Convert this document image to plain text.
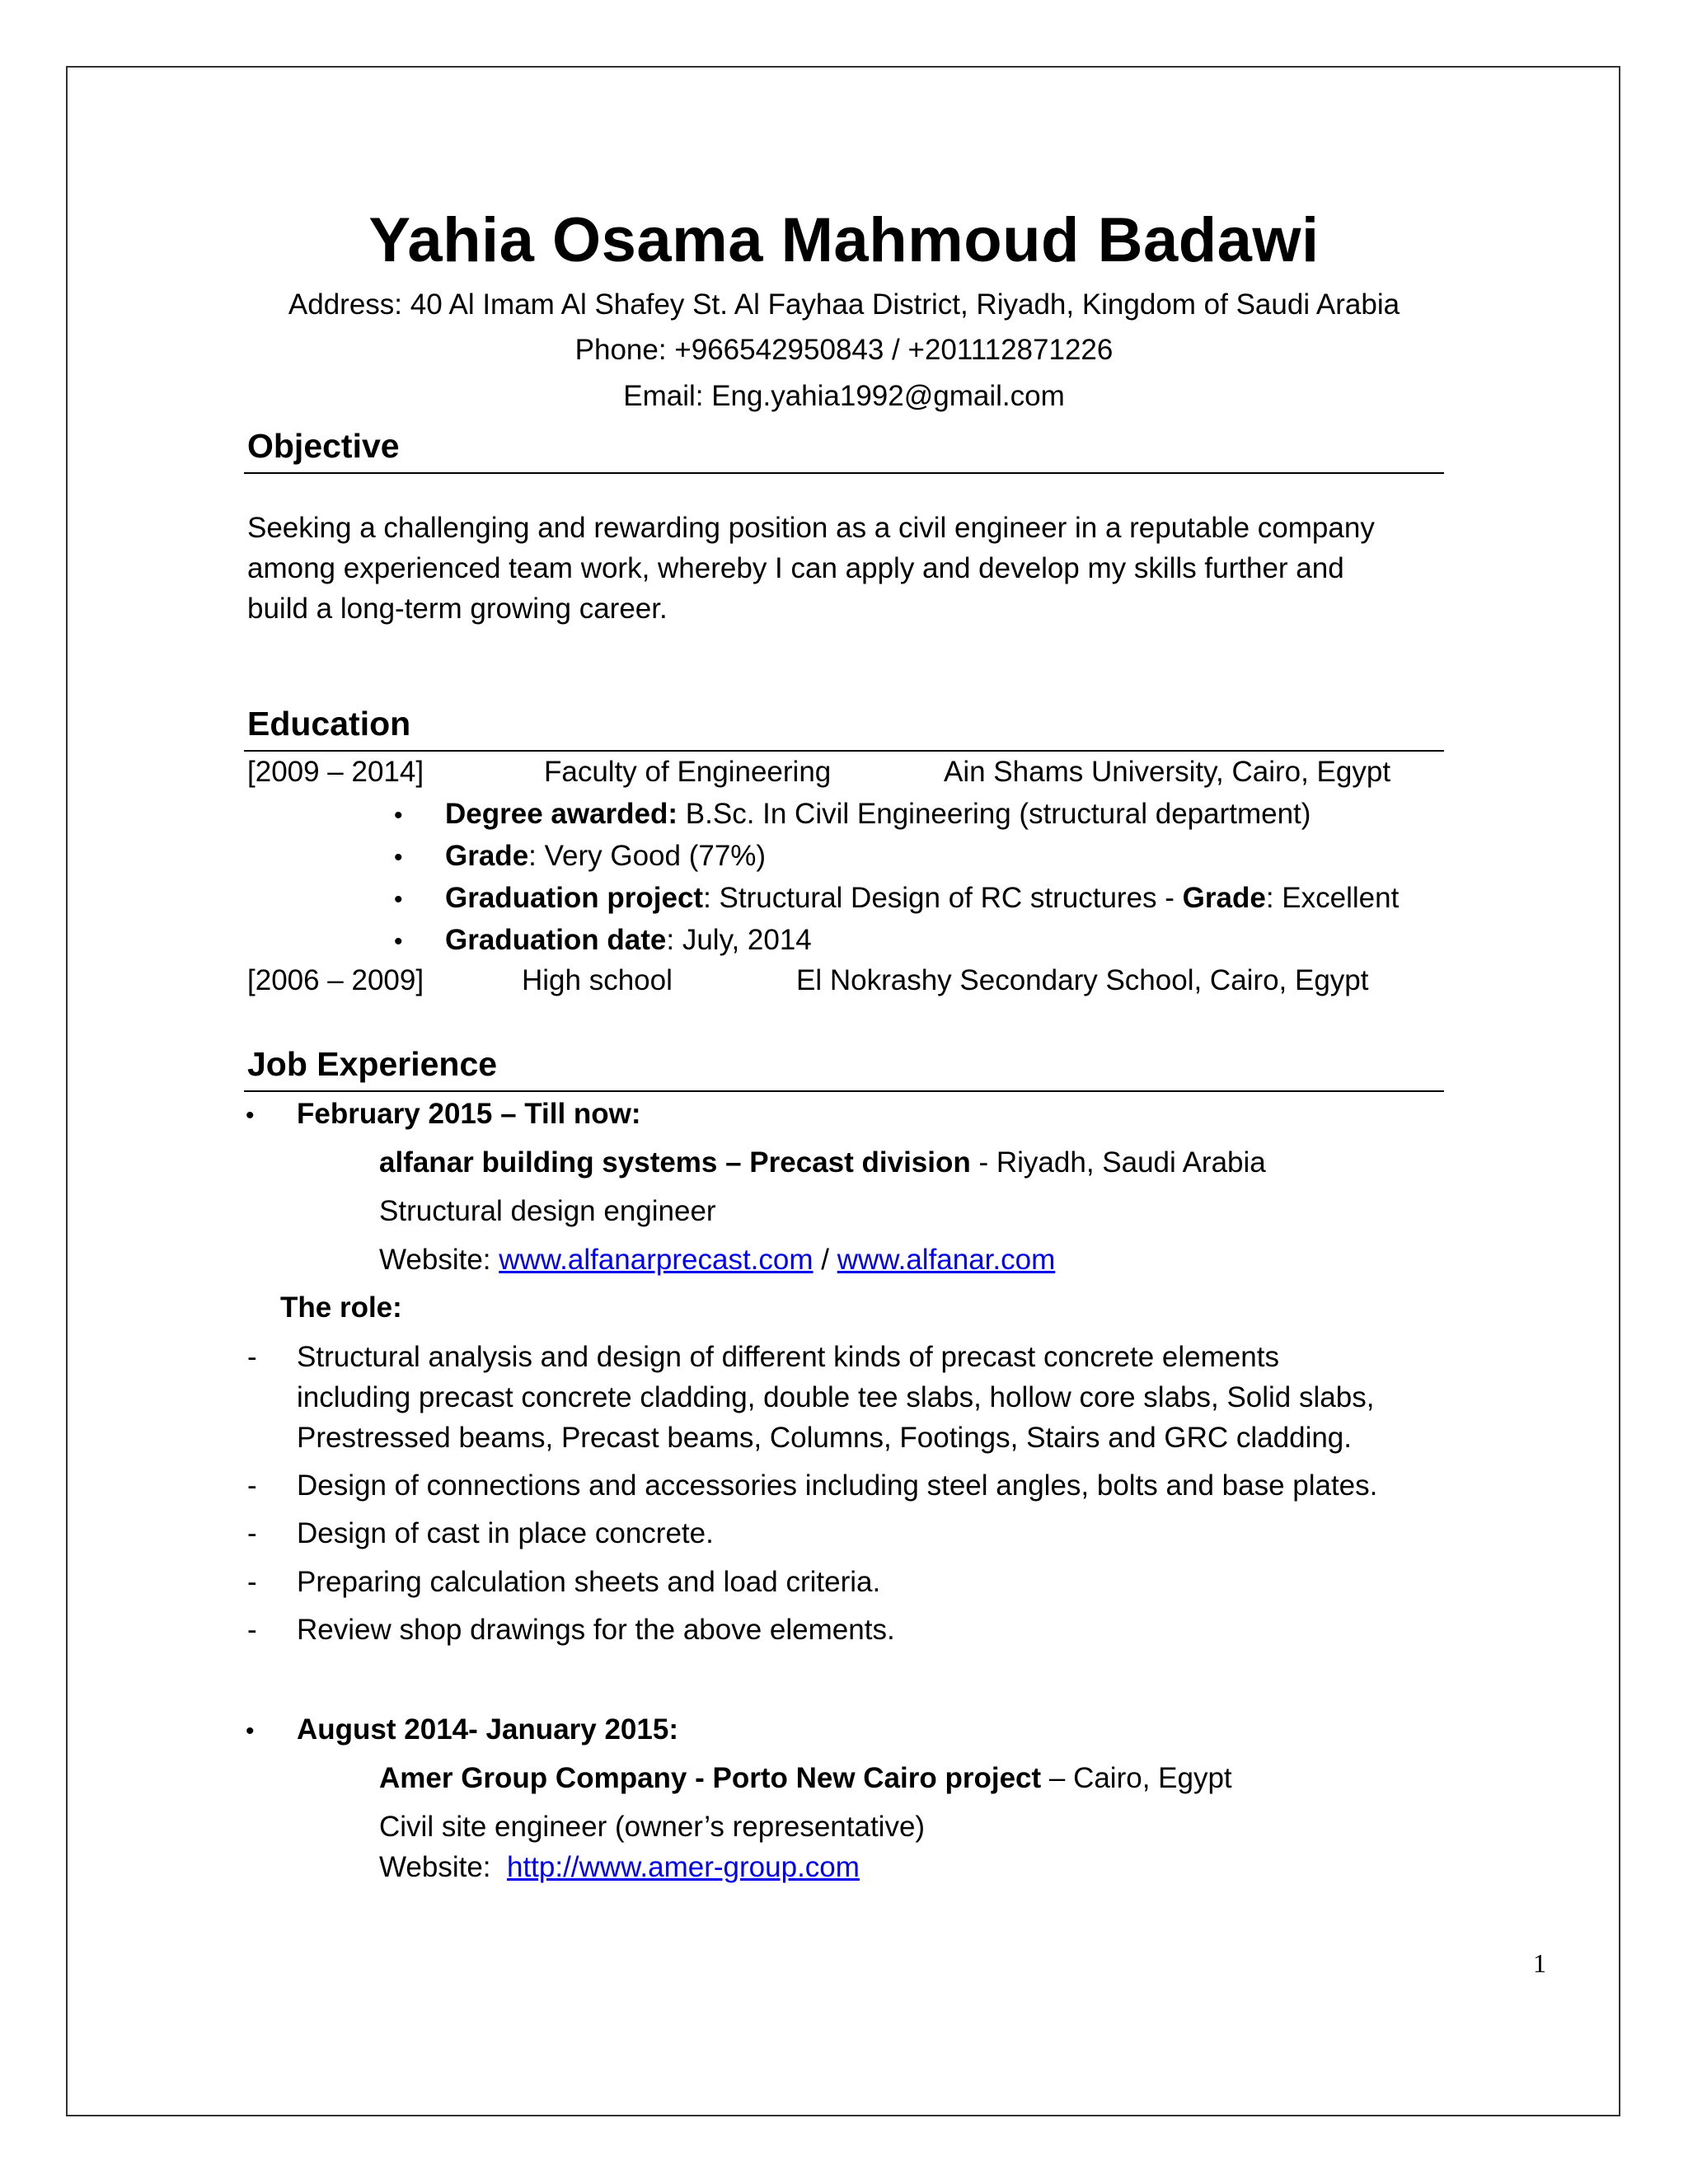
Yahia Osama Mahmoud Badawi
Address: 40 Al Imam Al Shafey St. Al Fayhaa District, Riyadh, Kingdom of Saudi Arabia
Phone: +966542950843 / +201112871226
Email: Eng.yahia1992@gmail.com
Objective
Seeking a challenging and rewarding position as a civil engineer in a reputable company
among experienced team work, whereby I can apply and develop my skills further and
build a long-term growing career.
Education
[2009 – 2014]	Faculty of Engineering	Ain Shams University, Cairo, Egypt
• Degree awarded: B.Sc. In Civil Engineering (structural department)
• Grade: Very Good (77%)
• Graduation project: Structural Design of RC structures - Grade: Excellent
• Graduation date: July, 2014
[2006 – 2009]	High school	El Nokrashy Secondary School, Cairo, Egypt
Job Experience
• February 2015 – Till now:
alfanar building systems – Precast division - Riyadh, Saudi Arabia
Structural design engineer
Website: www.alfanarprecast.com / www.alfanar.com
The role:
- Structural analysis and design of different kinds of precast concrete elements
including precast concrete cladding, double tee slabs, hollow core slabs, Solid slabs,
Prestressed beams, Precast beams, Columns, Footings, Stairs and GRC cladding.
- Design of connections and accessories including steel angles, bolts and base plates.
- Design of cast in place concrete.
- Preparing calculation sheets and load criteria.
- Review shop drawings for the above elements.
• August 2014- January 2015:
Amer Group Company - Porto New Cairo project – Cairo, Egypt
Civil site engineer (owner’s representative)
Website:  http://www.amer-group.com
1
